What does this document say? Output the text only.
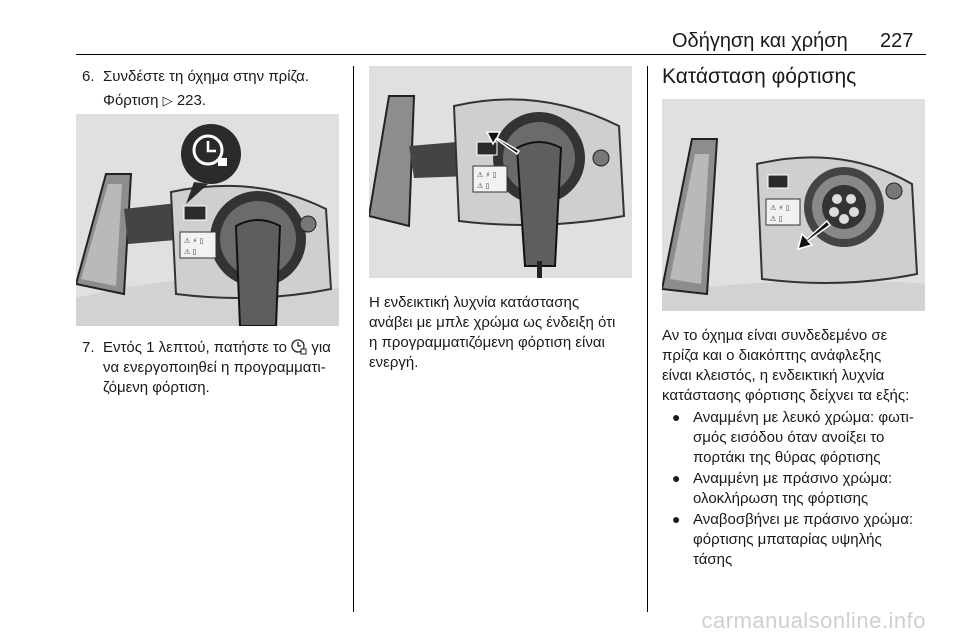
Οδήγηση και χρήση 227
6. Συνδέστε τη όχημα στην πρίζα.
Φόρτιση ▷ 223.
⚠ ⚡ ▯
⚠ ▯
7. Εντός 1 λεπτού, πατήστε το για
να ενεργοποιηθεί η προγραμματι-
ζόμενη φόρτιση.
⚠ ⚡ ▯
⚠ ▯
Η ενδεικτική λυχνία κατάστασης
ανάβει με μπλε χρώμα ως ένδειξη ότι
η προγραμματιζόμενη φόρτιση είναι
ενεργή.
Κατάσταση φόρτισης
⚠ ⚡ ▯
⚠ ▯
Αν το όχημα είναι συνδεδεμένο σε
πρίζα και ο διακόπτης ανάφλεξης
είναι κλειστός, η ενδεικτική λυχνία
κατάστασης φόρτισης δείχνει τα εξής:
● Αναμμένη με λευκό χρώμα: φωτι-
σμός εισόδου όταν ανοίξει το
πορτάκι της θύρας φόρτισης
● Αναμμένη με πράσινο χρώμα:
ολοκλήρωση της φόρτισης
● Αναβοσβήνει με πράσινο χρώμα:
φόρτισης μπαταρίας υψηλής
τάσης
carmanualsonline.info
